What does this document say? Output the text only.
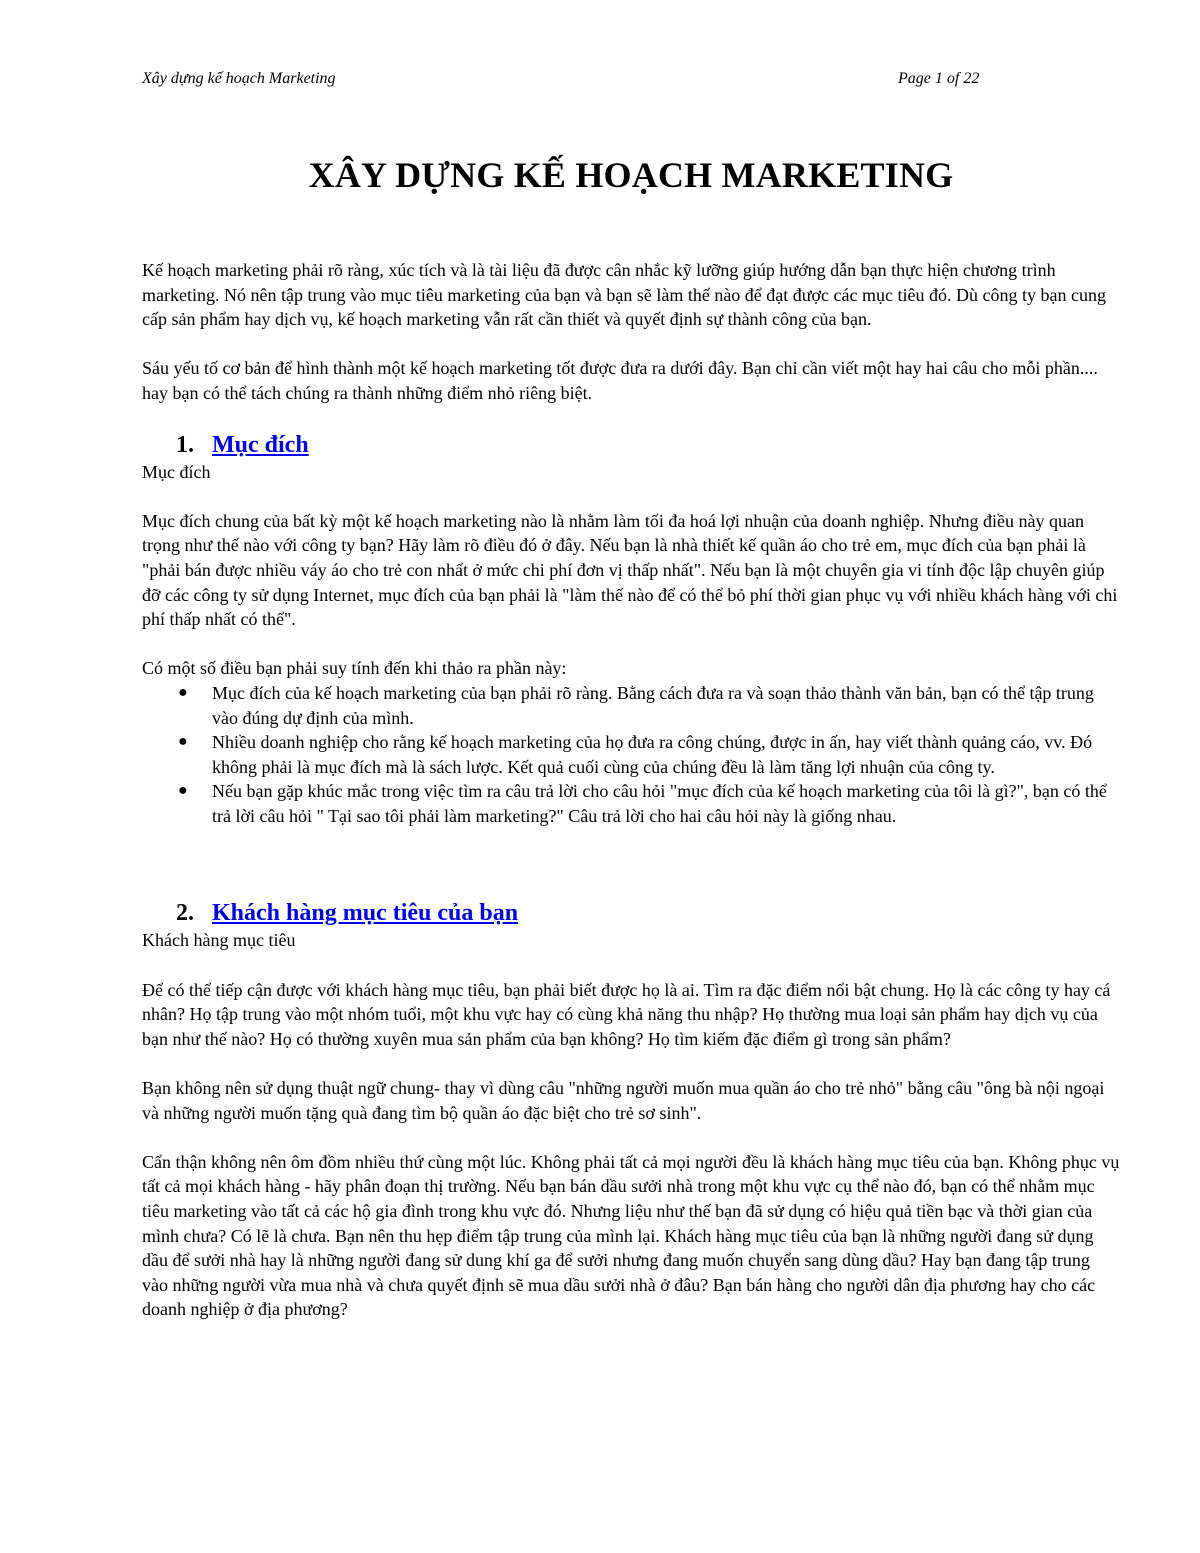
Xây dựng kế hoạch Marketing	Page 1 of 22
XÂY DỰNG KẾ HOẠCH MARKETING

Kế hoạch marketing phải rõ ràng, xúc tích và là tài liệu đã được cân nhắc kỹ lưỡng giúp hướng dẫn bạn thực hiện chương trình marketing. Nó nên tập trung vào mục tiêu marketing của bạn và bạn sẽ làm thế nào để đạt được các mục tiêu đó. Dù công ty bạn cung cấp sản phẩm hay dịch vụ, kế hoạch marketing vẫn rất cần thiết và quyết định sự thành công của bạn.

Sáu yếu tố cơ bản để hình thành một kế hoạch marketing tốt được đưa ra dưới đây. Bạn chỉ cần viết một hay hai câu cho mỗi phần.... hay bạn có thể tách chúng ra thành những điểm nhỏ riêng biệt.

1. Mục đích

Mục đích

Mục đích chung của bất kỳ một kế hoạch marketing nào là nhằm làm tối đa hoá lợi nhuận của doanh nghiệp. Nhưng điều này quan trọng như thế nào với công ty bạn? Hãy làm rõ điều đó ở đây. Nếu bạn là nhà thiết kế quần áo cho trẻ em, mục đích của bạn phải là "phải bán được nhiều váy áo cho trẻ con nhất ở mức chi phí đơn vị thấp nhất". Nếu bạn là một chuyên gia vi tính độc lập chuyên giúp đỡ các công ty sử dụng Internet, mục đích của bạn phải là "làm thế nào để có thể bỏ phí thời gian phục vụ với nhiều khách hàng với chi phí thấp nhất có thể".

Có một số điều bạn phải suy tính đến khi thảo ra phần này:

● Mục đích của kế hoạch marketing của bạn phải rõ ràng. Bằng cách đưa ra và soạn thảo thành văn bản, bạn có thể tập trung vào đúng dự định của mình.
● Nhiều doanh nghiệp cho rằng kế hoạch marketing của họ đưa ra công chúng, được in ấn, hay viết thành quảng cáo, vv. Đó không phải là mục đích mà là sách lược. Kết quả cuối cùng của chúng đều là làm tăng lợi nhuận của công ty.
● Nếu bạn gặp khúc mắc trong việc tìm ra câu trả lời cho câu hỏi "mục đích của kế hoạch marketing của tôi là gì?", bạn có thể trả lời câu hỏi " Tại sao tôi phải làm marketing?" Câu trả lời cho hai câu hỏi này là giống nhau.
2. Khách hàng mục tiêu của bạn

Khách hàng mục tiêu

Để có thể tiếp cận được với khách hàng mục tiêu, bạn phải biết được họ là ai. Tìm ra đặc điểm nổi bật chung. Họ là các công ty hay cá nhân? Họ tập trung vào một nhóm tuổi, một khu vực hay có cùng khả năng thu nhập? Họ thường mua loại sản phẩm hay dịch vụ của bạn như thế nào? Họ có thường xuyên mua sản phẩm của bạn không? Họ tìm kiếm đặc điểm gì trong sản phẩm?

Bạn không nên sử dụng thuật ngữ chung- thay vì dùng câu "những người muốn mua quần áo cho trẻ nhỏ" bằng câu "ông bà nội ngoại và những người muốn tặng quà đang tìm bộ quần áo đặc biệt cho trẻ sơ sinh".

Cẩn thận không nên ôm đồm nhiều thứ cùng một lúc. Không phải tất cả mọi người đều là khách hàng mục tiêu của bạn. Không phục vụ tất cả mọi khách hàng - hãy phân đoạn thị trường. Nếu bạn bán dầu sưởi nhà trong một khu vực cụ thể nào đó, bạn có thể nhằm mục tiêu marketing vào tất cả các hộ gia đình trong khu vực đó. Nhưng liệu như thế bạn đã sử dụng có hiệu quả tiền bạc và thời gian của mình chưa? Có lẽ là chưa. Bạn nên thu hẹp điểm tập trung của mình lại. Khách hàng mục tiêu của bạn là những người đang sử dụng dầu để sưởi nhà hay là những người đang sử dung khí ga để sưởi nhưng đang muốn chuyển sang dùng dầu? Hay bạn đang tập trung vào những người vừa mua nhà và chưa quyết định sẽ mua dầu sưởi nhà ở đâu? Bạn bán hàng cho người dân địa phương hay cho các doanh nghiệp ở địa phương?
